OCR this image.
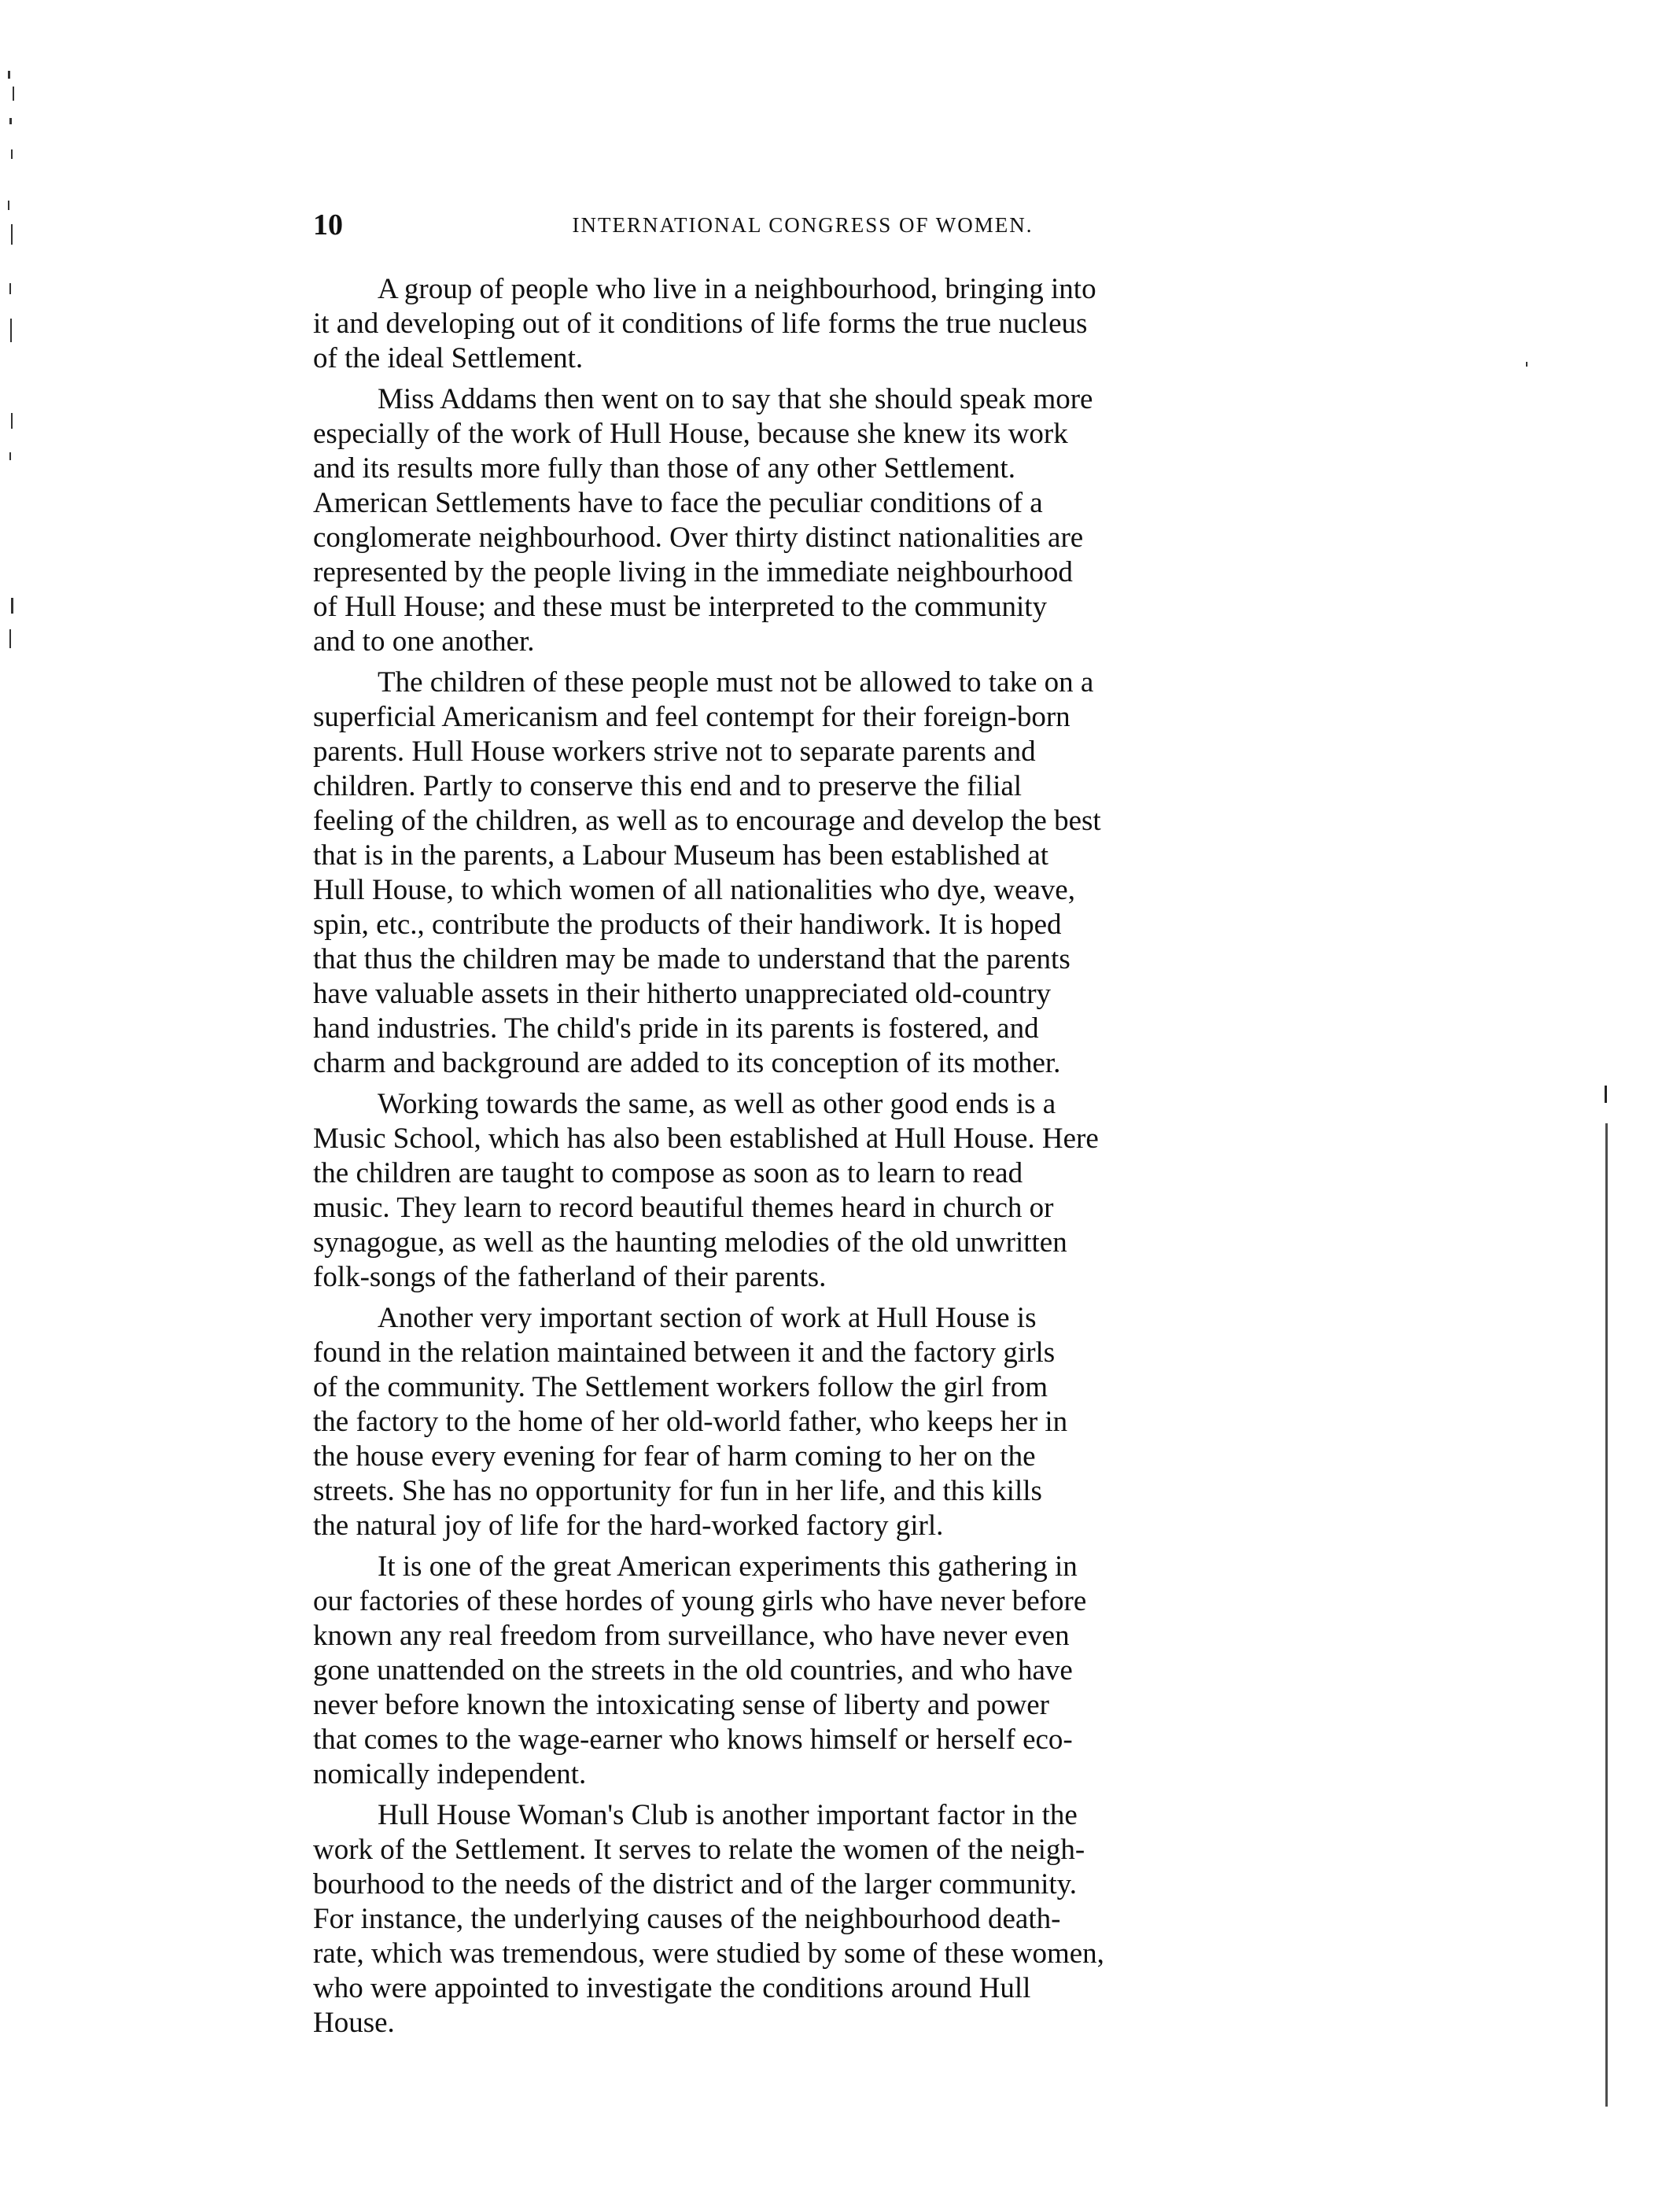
10	INTERNATIONAL CONGRESS OF WOMEN.

A group of people who live in a neighbourhood, bringing into
it and developing out of it conditions of life forms the true nucleus
of the ideal Settlement.

Miss Addams then went on to say that she should speak more
especially of the work of Hull House, because she knew its work
and its results more fully than those of any other Settlement.
American Settlements have to face the peculiar conditions of a
conglomerate neighbourhood. Over thirty distinct nationalities are
represented by the people living in the immediate neighbourhood
of Hull House; and these must be interpreted to the community
and to one another.

The children of these people must not be allowed to take on a
superficial Americanism and feel contempt for their foreign-born
parents. Hull House workers strive not to separate parents and
children. Partly to conserve this end and to preserve the filial
feeling of the children, as well as to encourage and develop the best
that is in the parents, a Labour Museum has been established at
Hull House, to which women of all nationalities who dye, weave,
spin, etc., contribute the products of their handiwork. It is hoped
that thus the children may be made to understand that the parents
have valuable assets in their hitherto unappreciated old-country
hand industries. The child's pride in its parents is fostered, and
charm and background are added to its conception of its mother.

Working towards the same, as well as other good ends is a
Music School, which has also been established at Hull House. Here
the children are taught to compose as soon as to learn to read
music. They learn to record beautiful themes heard in church or
synagogue, as well as the haunting melodies of the old unwritten
folk-songs of the fatherland of their parents.

Another very important section of work at Hull House is
found in the relation maintained between it and the factory girls
of the community. The Settlement workers follow the girl from
the factory to the home of her old-world father, who keeps her in
the house every evening for fear of harm coming to her on the
streets. She has no opportunity for fun in her life, and this kills
the natural joy of life for the hard-worked factory girl.

It is one of the great American experiments this gathering in
our factories of these hordes of young girls who have never before
known any real freedom from surveillance, who have never even
gone unattended on the streets in the old countries, and who have
never before known the intoxicating sense of liberty and power
that comes to the wage-earner who knows himself or herself eco-
nomically independent.

Hull House Woman's Club is another important factor in the
work of the Settlement. It serves to relate the women of the neigh-
bourhood to the needs of the district and of the larger community.
For instance, the underlying causes of the neighbourhood death-
rate, which was tremendous, were studied by some of these women,
who were appointed to investigate the conditions around Hull
House.
